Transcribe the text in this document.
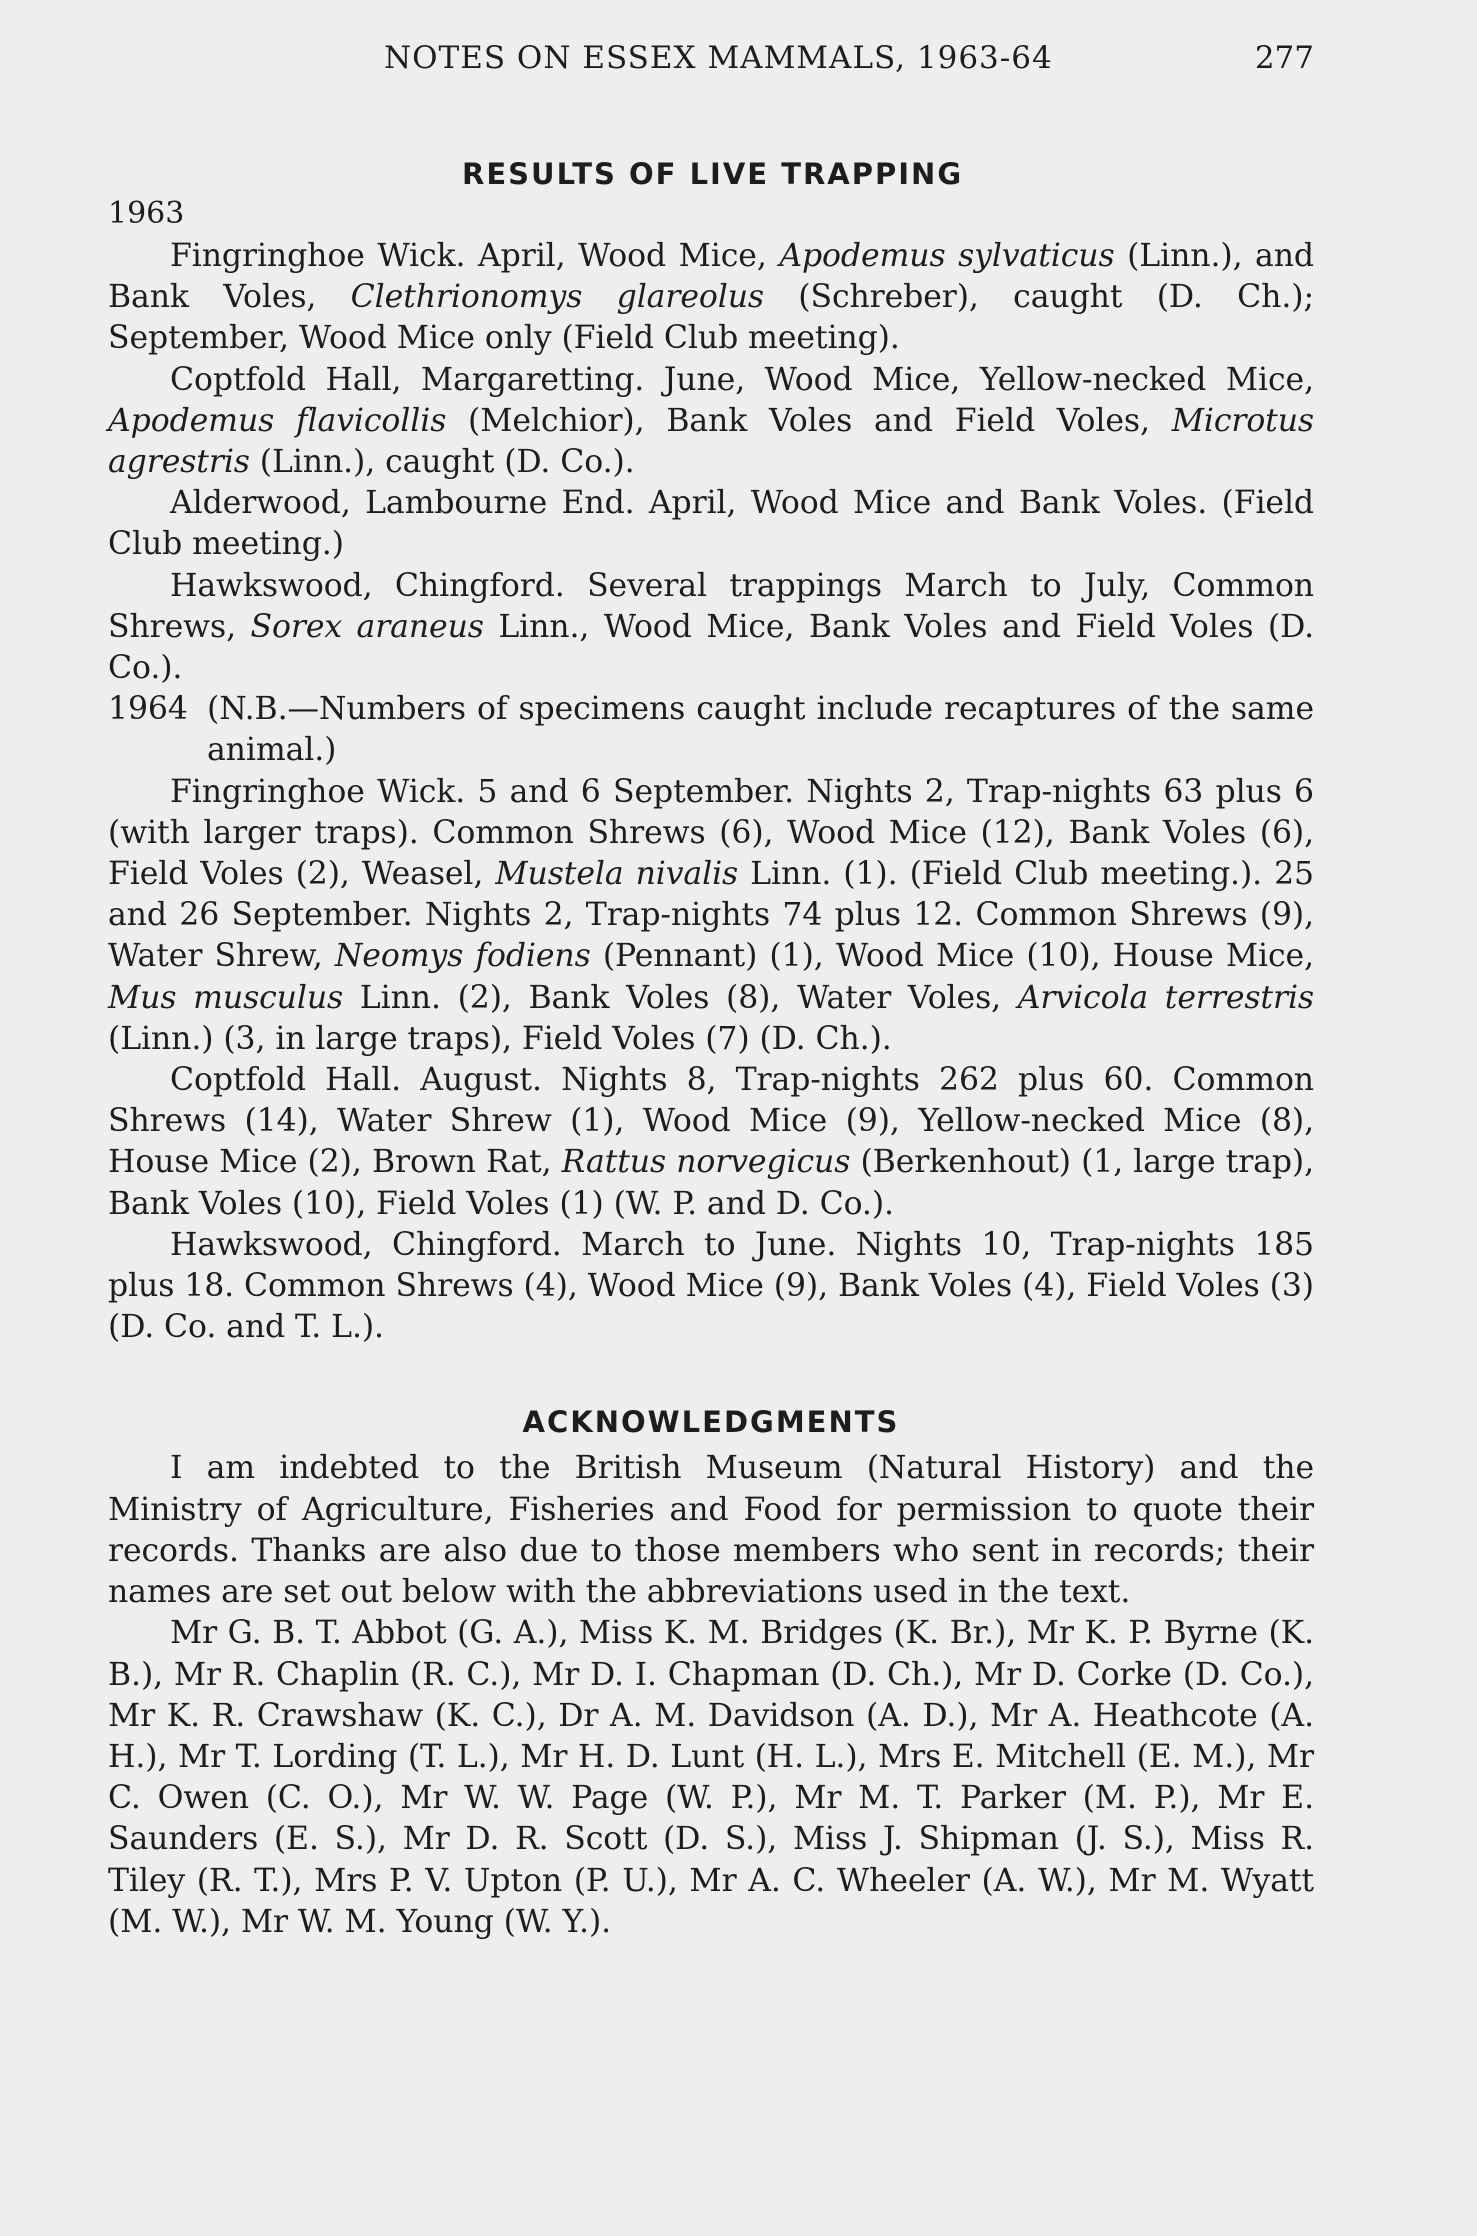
NOTES ON ESSEX MAMMALS, 1963-64	277
RESULTS OF LIVE TRAPPING
1963

Fingringhoe Wick. April, Wood Mice, Apodemus sylvaticus (Linn.), and Bank Voles, Clethrionomys glareolus (Schreber), caught (D. Ch.); September, Wood Mice only (Field Club meeting).

Coptfold Hall, Margaretting. June, Wood Mice, Yellow-necked Mice, Apodemus flavicollis (Melchior), Bank Voles and Field Voles, Microtus agrestris (Linn.), caught (D. Co.).

Alderwood, Lambourne End. April, Wood Mice and Bank Voles. (Field Club meeting.)

Hawkswood, Chingford. Several trappings March to July, Common Shrews, Sorex araneus Linn., Wood Mice, Bank Voles and Field Voles (D. Co.).

1964 (N.B.—Numbers of specimens caught include recaptures of the same animal.)

Fingringhoe Wick. 5 and 6 September. Nights 2, Trap-nights 63 plus 6 (with larger traps). Common Shrews (6), Wood Mice (12), Bank Voles (6), Field Voles (2), Weasel, Mustela nivalis Linn. (1). (Field Club meeting.). 25 and 26 September. Nights 2, Trap-nights 74 plus 12. Common Shrews (9), Water Shrew, Neomys fodiens (Pennant) (1), Wood Mice (10), House Mice, Mus musculus Linn. (2), Bank Voles (8), Water Voles, Arvicola terrestris (Linn.) (3, in large traps), Field Voles (7) (D. Ch.).

Coptfold Hall. August. Nights 8, Trap-nights 262 plus 60. Common Shrews (14), Water Shrew (1), Wood Mice (9), Yellow-necked Mice (8), House Mice (2), Brown Rat, Rattus norvegicus (Berkenhout) (1, large trap), Bank Voles (10), Field Voles (1) (W. P. and D. Co.).

Hawkswood, Chingford. March to June. Nights 10, Trap-nights 185 plus 18. Common Shrews (4), Wood Mice (9), Bank Voles (4), Field Voles (3) (D. Co. and T. L.).

ACKNOWLEDGMENTS

I am indebted to the British Museum (Natural History) and the Ministry of Agriculture, Fisheries and Food for permission to quote their records. Thanks are also due to those members who sent in records; their names are set out below with the abbreviations used in the text.

Mr G. B. T. Abbot (G. A.), Miss K. M. Bridges (K. Br.), Mr K. P. Byrne (K. B.), Mr R. Chaplin (R. C.), Mr D. I. Chapman (D. Ch.), Mr D. Corke (D. Co.), Mr K. R. Crawshaw (K. C.), Dr A. M. Davidson (A. D.), Mr A. Heathcote (A. H.), Mr T. Lording (T. L.), Mr H. D. Lunt (H. L.), Mrs E. Mitchell (E. M.), Mr C. Owen (C. O.), Mr W. W. Page (W. P.), Mr M. T. Parker (M. P.), Mr E. Saunders (E. S.), Mr D. R. Scott (D. S.), Miss J. Shipman (J. S.), Miss R. Tiley (R. T.), Mrs P. V. Upton (P. U.), Mr A. C. Wheeler (A. W.), Mr M. Wyatt (M. W.), Mr W. M. Young (W. Y.).
